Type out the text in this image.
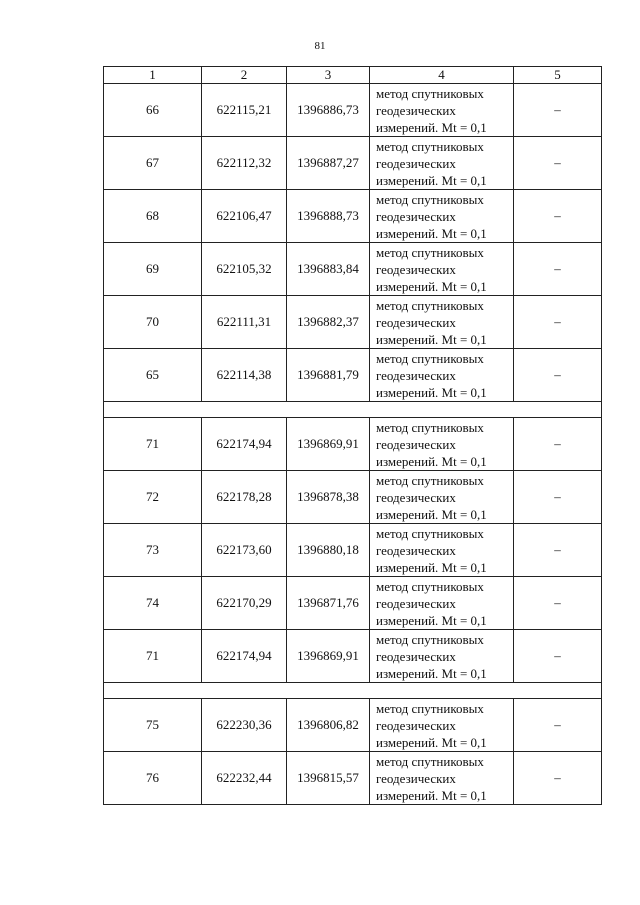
81
1	2	3	4	5
66	622115,21	1396886,73	метод спутниковых
геодезических
измерений. Mt = 0,1	–
67	622112,32	1396887,27	метод спутниковых
геодезических
измерений. Mt = 0,1	–
68	622106,47	1396888,73	метод спутниковых
геодезических
измерений. Mt = 0,1	–
69	622105,32	1396883,84	метод спутниковых
геодезических
измерений. Mt = 0,1	–
70	622111,31	1396882,37	метод спутниковых
геодезических
измерений. Mt = 0,1	–
65	622114,38	1396881,79	метод спутниковых
геодезических
измерений. Mt = 0,1	–

71	622174,94	1396869,91	метод спутниковых
геодезических
измерений. Mt = 0,1	–
72	622178,28	1396878,38	метод спутниковых
геодезических
измерений. Mt = 0,1	–
73	622173,60	1396880,18	метод спутниковых
геодезических
измерений. Mt = 0,1	–
74	622170,29	1396871,76	метод спутниковых
геодезических
измерений. Mt = 0,1	–
71	622174,94	1396869,91	метод спутниковых
геодезических
измерений. Mt = 0,1	–

75	622230,36	1396806,82	метод спутниковых
геодезических
измерений. Mt = 0,1	–
76	622232,44	1396815,57	метод спутниковых
геодезических
измерений. Mt = 0,1	–
